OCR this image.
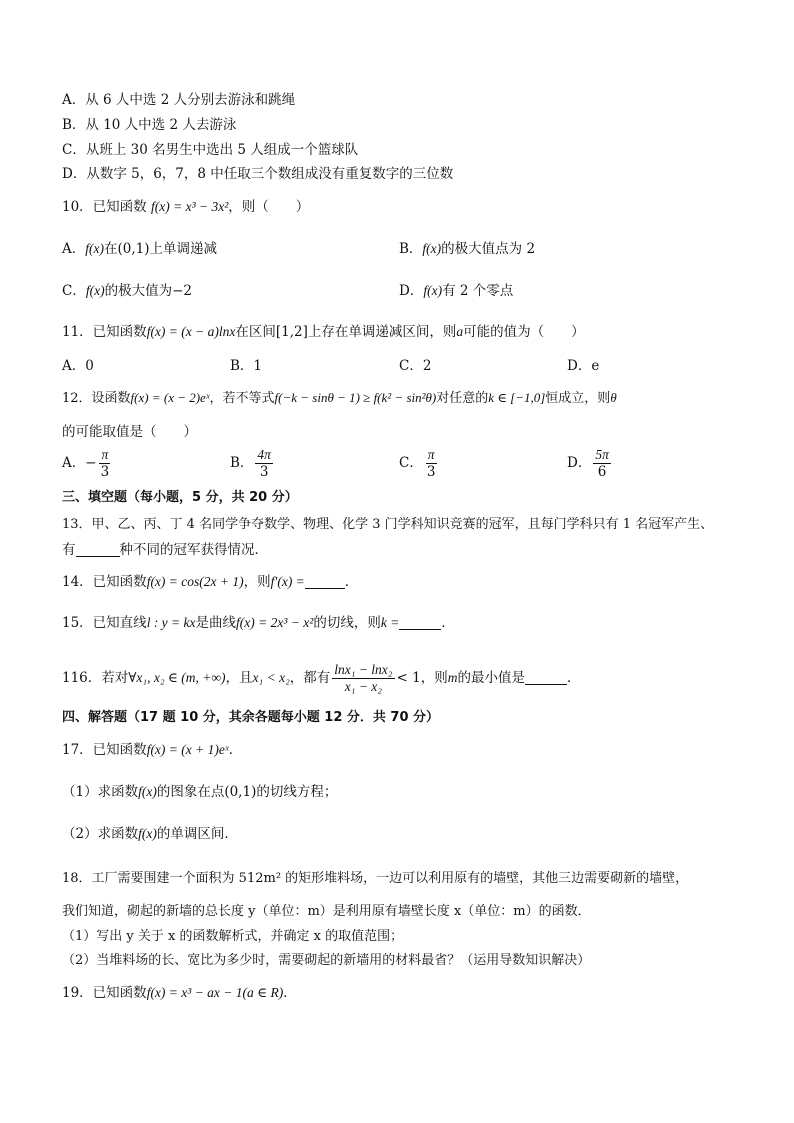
A．从 6 人中选 2 人分别去游泳和跳绳
B．从 10 人中选 2 人去游泳
C．从班上 30 名男生中选出 5 人组成一个篮球队
D．从数字 5，6，7，8 中任取三个数组成没有重复数字的三位数
10．已知函数 f(x) = x³ − 3x²，则（　　）
A．f(x)在(0,1)上单调递减	B．f(x)的极大值点为 2
C．f(x)的极大值为−2	D．f(x)有 2 个零点
11．已知函数f(x) = (x − a)lnx在区间[1,2]上存在单调递减区间，则a可能的值为（　　）
A．0	B．1	C．2	D．e
12．设函数f(x) = (x − 2)eˣ，若不等式f(−k − sinθ − 1) ≥ f(k² − sin²θ)对任意的k ∈ [−1,0]恒成立，则θ
的可能取值是（　　）
A．− $\frac{\pi}{3}$	B． $\frac{4\pi}{3}$	C． $\frac{\pi}{3}$	D． $\frac{5\pi}{6}$
三、填空题（每小题，5 分，共 20 分）
13．甲、乙、丙、丁 4 名同学争夺数学、物理、化学 3 门学科知识竞赛的冠军，且每门学科只有 1 名冠军产生、
有	种不同的冠军获得情况．
14．已知函数f(x) = cos(2x + 1)，则f′(x) =	．
15．已知直线l : y = kx是曲线f(x) = 2x³ − x²的切线，则k =	．
116．若对∀x₁, x₂ ∈ (m, +∞)，且x₁ < x₂，都有 $\frac{\text{lnx₁ − lnx₂}}{\text{x₁ − x₂}} < 1$，则m的最小值是	．
四、解答题（17 题 10 分，其余各题每小题 12 分．共 70 分）
17．已知函数f(x) = (x + 1)eˣ．
（1）求函数f(x)的图象在点(0,1)的切线方程；
（2）求函数f(x)的单调区间．
18．工厂需要围建一个面积为 512m² 的矩形堆料场，一边可以利用原有的墙壁，其他三边需要砌新的墙壁，
我们知道，砌起的新墙的总长度 y（单位：m）是利用原有墙壁长度 x（单位：m）的函数．
（1）写出 y 关于 x 的函数解析式，并确定 x 的取值范围；
（2）当堆料场的长、宽比为多少时，需要砌起的新墙用的材料最省？（运用导数知识解决）
19．已知函数f(x) = x³ − ax − 1(a ∈ R)．
